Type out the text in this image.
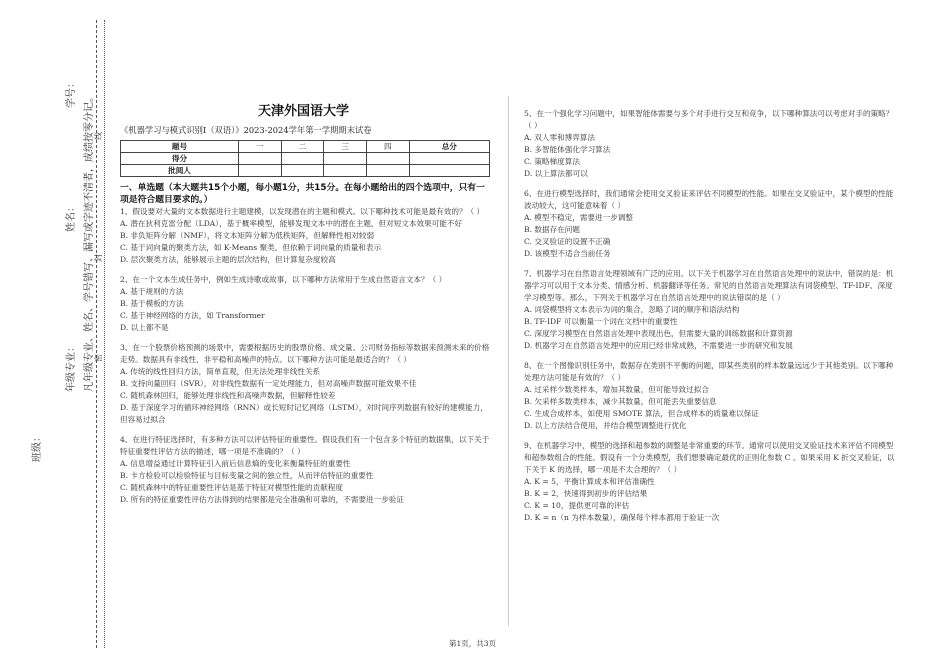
学号：
姓名：
年级专业：
班级：
凡年级专业、姓名、学号错写、漏写或字迹不清者，成绩按零分记。 密
封
线
天津外国语大学
《机器学习与模式识别I（双语）》2023-2024学年第一学期期末试卷
题号	一	二	三	四	总分
得分					
批阅人					

一、单选题（本大题共15个小题，每小题1分，共15分。在每小题给出的四个选项中，只有一项是符合题目要求的。）

1、假设要对大量的文本数据进行主题建模，以发现潜在的主题和模式。以下哪种技术可能是最有效的？（ ）

A. 潜在狄利克雷分配（LDA），基于概率模型，能够发现文本中的潜在主题，但对短文本效果可能不好

B. 非负矩阵分解（NMF），将文本矩阵分解为低秩矩阵，但解释性相对较弱

C. 基于词向量的聚类方法，如 K-Means 聚类，但依赖于词向量的质量和表示

D. 层次聚类方法，能够展示主题的层次结构，但计算复杂度较高

2、在一个文本生成任务中，例如生成诗歌或故事，以下哪种方法常用于生成自然语言文本？（ ）

A. 基于规则的方法

B. 基于模板的方法

C. 基于神经网络的方法，如 Transformer

D. 以上都不是

3、在一个股票价格预测的场景中，需要根据历史的股票价格、成交量、公司财务指标等数据来预测未来的价格走势。数据具有非线性、非平稳和高噪声的特点。以下哪种方法可能是最适合的？（ ）

A. 传统的线性回归方法，简单直观，但无法处理非线性关系

B. 支持向量回归（SVR），对非线性数据有一定处理能力，但对高噪声数据可能效果不佳

C. 随机森林回归，能够处理非线性和高噪声数据，但解释性较差

D. 基于深度学习的循环神经网络（RNN）或长短时记忆网络（LSTM），对时间序列数据有较好的建模能力，但容易过拟合

4、在进行特征选择时，有多种方法可以评估特征的重要性。假设我们有一个包含多个特征的数据集，以下关于特征重要性评估方法的描述，哪一项是不准确的？（ ）

A. 信息增益通过计算特征引入前后信息熵的变化来衡量特征的重要性

B. 卡方检验可以检验特征与目标变量之间的独立性，从而评估特征的重要性

C. 随机森林中的特征重要性评估是基于特征对模型性能的贡献程度

D. 所有的特征重要性评估方法得到的结果都是完全准确和可靠的，不需要进一步验证

5、在一个强化学习问题中，如果智能体需要与多个对手进行交互和竞争，以下哪种算法可以考虑对手的策略？（ ）

A. 双人零和博弈算法

B. 多智能体强化学习算法

C. 策略梯度算法

D. 以上算法都可以

6、在进行模型选择时，我们通常会使用交叉验证来评估不同模型的性能。如果在交叉验证中，某个模型的性能波动较大，这可能意味着（ ）

A. 模型不稳定，需要进一步调整

B. 数据存在问题

C. 交叉验证的设置不正确

D. 该模型不适合当前任务

7、机器学习在自然语言处理领域有广泛的应用。以下关于机器学习在自然语言处理中的说法中，错误的是：机器学习可以用于文本分类、情感分析、机器翻译等任务。常见的自然语言处理算法有词袋模型、TF-IDF、深度学习模型等。那么，下列关于机器学习在自然语言处理中的说法错误的是（ ）

A. 词袋模型将文本表示为词的集合，忽略了词的顺序和语法结构

B. TF-IDF 可以衡量一个词在文档中的重要性

C. 深度学习模型在自然语言处理中表现出色，但需要大量的训练数据和计算资源

D. 机器学习在自然语言处理中的应用已经非常成熟，不需要进一步的研究和发展

8、在一个图像识别任务中，数据存在类别不平衡的问题，即某些类别的样本数量远远少于其他类别。以下哪种处理方法可能是有效的？（ ）

A. 过采样少数类样本，增加其数量，但可能导致过拟合

B. 欠采样多数类样本，减少其数量，但可能丢失重要信息

C. 生成合成样本，如使用 SMOTE 算法，但合成样本的质量难以保证

D. 以上方法结合使用，并结合模型调整进行优化

9、在机器学习中，模型的选择和超参数的调整是非常重要的环节。通常可以使用交叉验证技术来评估不同模型和超参数组合的性能。假设有一个分类模型，我们想要确定最优的正则化参数 C 。如果采用 K 折交叉验证，以下关于 K 的选择，哪一项是不太合理的？（ ）

A. K = 5，平衡计算成本和评估准确性

B. K = 2，快速得到初步的评估结果

C. K = 10，提供更可靠的评估

D. K = n（n 为样本数量），确保每个样本都用于验证一次

第1页，共3页
